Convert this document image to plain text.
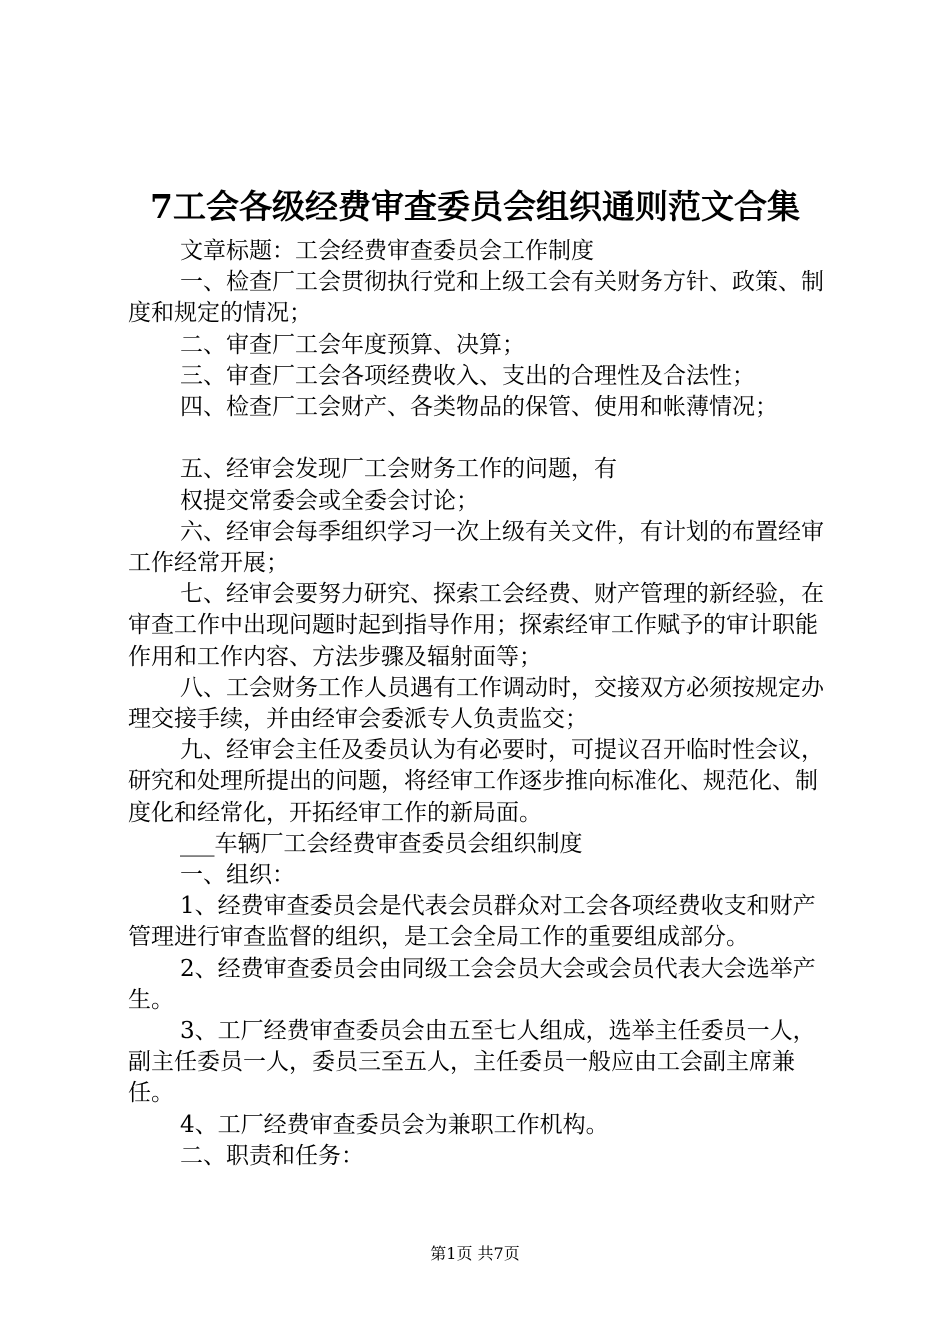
7工会各级经费审查委员会组织通则范文合集

文章标题：工会经费审查委员会工作制度

一、检查厂工会贯彻执行党和上级工会有关财务方针、政策、制度和规定的情况；

二、审查厂工会年度预算、决算；

三、审查厂工会各项经费收入、支出的合理性及合法性；

四、检查厂工会财产、各类物品的保管、使用和帐薄情况；

五、经审会发现厂工会财务工作的问题，有

权提交常委会或全委会讨论；

六、经审会每季组织学习一次上级有关文件，有计划的布置经审工作经常开展；

七、经审会要努力研究、探索工会经费、财产管理的新经验，在审查工作中出现问题时起到指导作用；探索经审工作赋予的审计职能作用和工作内容、方法步骤及辐射面等；

八、工会财务工作人员遇有工作调动时，交接双方必须按规定办理交接手续，并由经审会委派专人负责监交；

九、经审会主任及委员认为有必要时，可提议召开临时性会议，研究和处理所提出的问题，将经审工作逐步推向标准化、规范化、制度化和经常化，开拓经审工作的新局面。

___车辆厂工会经费审查委员会组织制度

一、组织：

1、经费审查委员会是代表会员群众对工会各项经费收支和财产管理进行审查监督的组织，是工会全局工作的重要组成部分。

2、经费审查委员会由同级工会会员大会或会员代表大会选举产生。

3、工厂经费审查委员会由五至七人组成，选举主任委员一人，副主任委员一人，委员三至五人，主任委员一般应由工会副主席兼任。

4、工厂经费审查委员会为兼职工作机构。

二、职责和任务：

第1页 共7页
